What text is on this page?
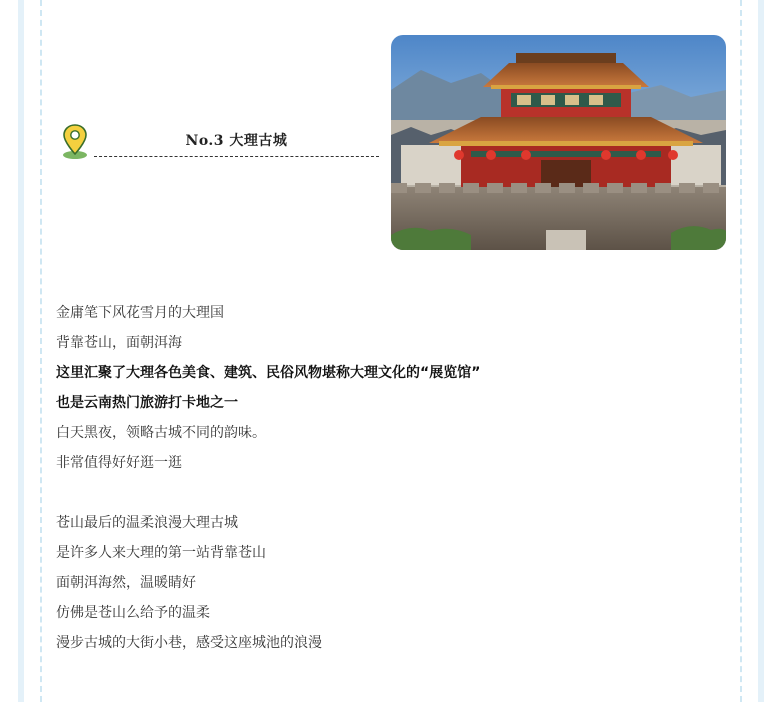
No.3 大理古城
金庸笔下风花雪月的大理国
背靠苍山，面朝洱海
这里汇聚了大理各色美食、建筑、民俗风物堪称大理文化的“展览馆”
也是云南热门旅游打卡地之一
白天黑夜，领略古城不同的韵味。
非常值得好好逛一逛
苍山最后的温柔浪漫大理古城
是许多人来大理的第一站背靠苍山
面朝洱海然，温暖睛好
仿佛是苍山么给予的温柔
漫步古城的大街小巷，感受这座城池的浪漫
